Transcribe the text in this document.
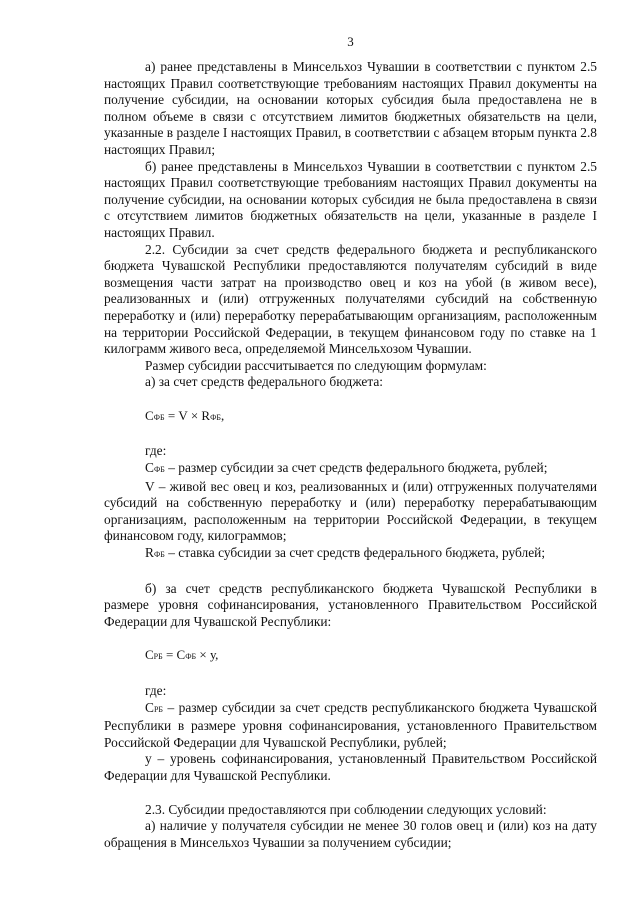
3

а) ранее представлены в Минсельхоз Чувашии в соответствии с пунктом 2.5 настоящих Правил соответствующие требованиям настоящих Правил документы на получение субсидии, на основании которых субсидия была предоставлена не в полном объеме в связи с отсутствием лимитов бюджетных обязательств на цели, указанные в разделе I настоящих Правил, в соответствии с абзацем вторым пункта 2.8 настоящих Правил;

б) ранее представлены в Минсельхоз Чувашии в соответствии с пунктом 2.5 настоящих Правил соответствующие требованиям настоящих Правил документы на получение субсидии, на основании которых субсидия не была предоставлена в связи с отсутствием лимитов бюджетных обязательств на цели, указанные в разделе I настоящих Правил.

2.2. Субсидии за счет средств федерального бюджета и республиканского бюджета Чувашской Республики предоставляются получателям субсидий в виде возмещения части затрат на производство овец и коз на убой (в живом весе), реализованных и (или) отгруженных получателями субсидий на собственную переработку и (или) переработку перерабатывающим организациям, расположенным на территории Российской Федерации, в текущем финансовом году по ставке на 1 килограмм живого веса, определяемой Минсельхозом Чувашии.

Размер субсидии рассчитывается по следующим формулам:

а) за счет средств федерального бюджета:

СФБ = V × RФБ,

где:

СФБ – размер субсидии за счет средств федерального бюджета, рублей;

V – живой вес овец и коз, реализованных и (или) отгруженных получателями субсидий на собственную переработку и (или) переработку перерабатывающим организациям, расположенным на территории Российской Федерации, в текущем финансовом году, килограммов;

RФБ – ставка субсидии за счет средств федерального бюджета, рублей;

б) за счет средств республиканского бюджета Чувашской Республики в размере уровня софинансирования, установленного Правительством Российской Федерации для Чувашской Республики:

СРБ = СФБ × у,

где:

СРБ – размер субсидии за счет средств республиканского бюджета Чувашской Республики в размере уровня софинансирования, установленного Правительством Российской Федерации для Чувашской Республики, рублей;

у – уровень софинансирования, установленный Правительством Российской Федерации для Чувашской Республики.

2.3. Субсидии предоставляются при соблюдении следующих условий:

а) наличие у получателя субсидии не менее 30 голов овец и (или) коз на дату обращения в Минсельхоз Чувашии за получением субсидии;
